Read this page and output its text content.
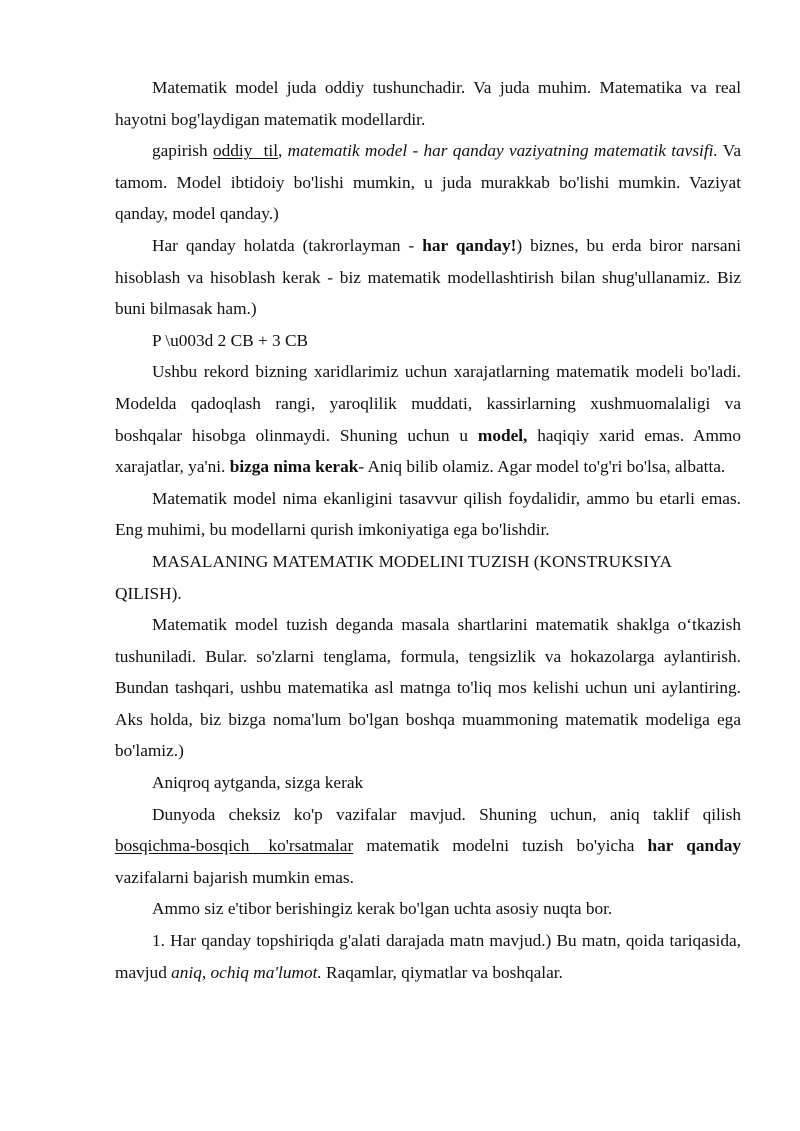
Matematik model juda oddiy tushunchadir. Va juda muhim. Matematika va real hayotni bog'laydigan matematik modellardir.

gapirish oddiy til, matematik model - har qanday vaziyatning matematik tavsifi. Va tamom. Model ibtidoiy bo'lishi mumkin, u juda murakkab bo'lishi mumkin. Vaziyat qanday, model qanday.)

Har qanday holatda (takrorlayman - har qanday!) biznes, bu erda biror narsani hisoblash va hisoblash kerak - biz matematik modellashtirish bilan shug'ullanamiz. Biz buni bilmasak ham.)

P \u003d 2 CB + 3 CB

Ushbu rekord bizning xaridlarimiz uchun xarajatlarning matematik modeli bo'ladi. Modelda qadoqlash rangi, yaroqlilik muddati, kassirlarning xushmuomalaligi va boshqalar hisobga olinmaydi. Shuning uchun u model, haqiqiy xarid emas. Ammo xarajatlar, ya'ni. bizga nima kerak- Aniq bilib olamiz. Agar model to'g'ri bo'lsa, albatta.

Matematik model nima ekanligini tasavvur qilish foydalidir, ammo bu etarli emas. Eng muhimi, bu modellarni qurish imkoniyatiga ega bo'lishdir.

MASALANING MATEMATIK MODELINI TUZISH (KONSTRUKSIYA QILISH).

Matematik model tuzish deganda masala shartlarini matematik shaklga o‘tkazish tushuniladi. Bular. so'zlarni tenglama, formula, tengsizlik va hokazolarga aylantirish. Bundan tashqari, ushbu matematika asl matnga to'liq mos kelishi uchun uni aylantiring. Aks holda, biz bizga noma'lum bo'lgan boshqa muammoning matematik modeliga ega bo'lamiz.)

Aniqroq aytganda, sizga kerak

Dunyoda cheksiz ko'p vazifalar mavjud. Shuning uchun, aniq taklif qilish bosqichma-bosqich ko'rsatmalar matematik modelni tuzish bo'yicha har qanday vazifalarni bajarish mumkin emas.

Ammo siz e'tibor berishingiz kerak bo'lgan uchta asosiy nuqta bor.

1. Har qanday topshiriqda g'alati darajada matn mavjud.) Bu matn, qoida tariqasida, mavjud aniq, ochiq ma'lumot. Raqamlar, qiymatlar va boshqalar.
